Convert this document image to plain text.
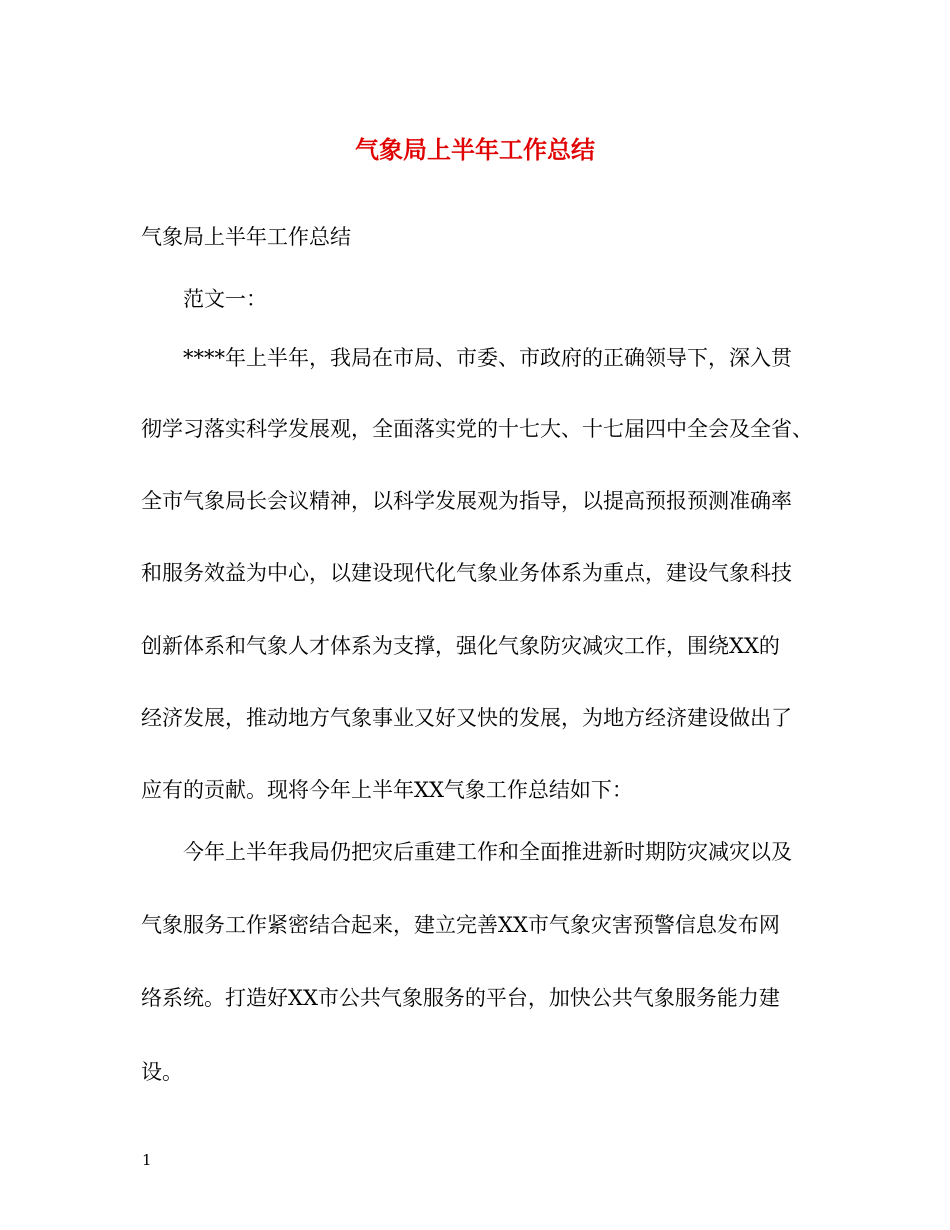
气象局上半年工作总结
气象局上半年工作总结
范文一：
****年上半年，我局在市局、市委、市政府的正确领导下，深入贯
彻学习落实科学发展观，全面落实党的十七大、十七届四中全会及全省、
全市气象局长会议精神，以科学发展观为指导，以提高预报预测准确率
和服务效益为中心，以建设现代化气象业务体系为重点，建设气象科技
创新体系和气象人才体系为支撑，强化气象防灾减灾工作，围绕XX的
经济发展，推动地方气象事业又好又快的发展，为地方经济建设做出了
应有的贡献。现将今年上半年XX气象工作总结如下：
今年上半年我局仍把灾后重建工作和全面推进新时期防灾减灾以及
气象服务工作紧密结合起来，建立完善XX市气象灾害预警信息发布网
络系统。打造好XX市公共气象服务的平台，加快公共气象服务能力建
设。
1
